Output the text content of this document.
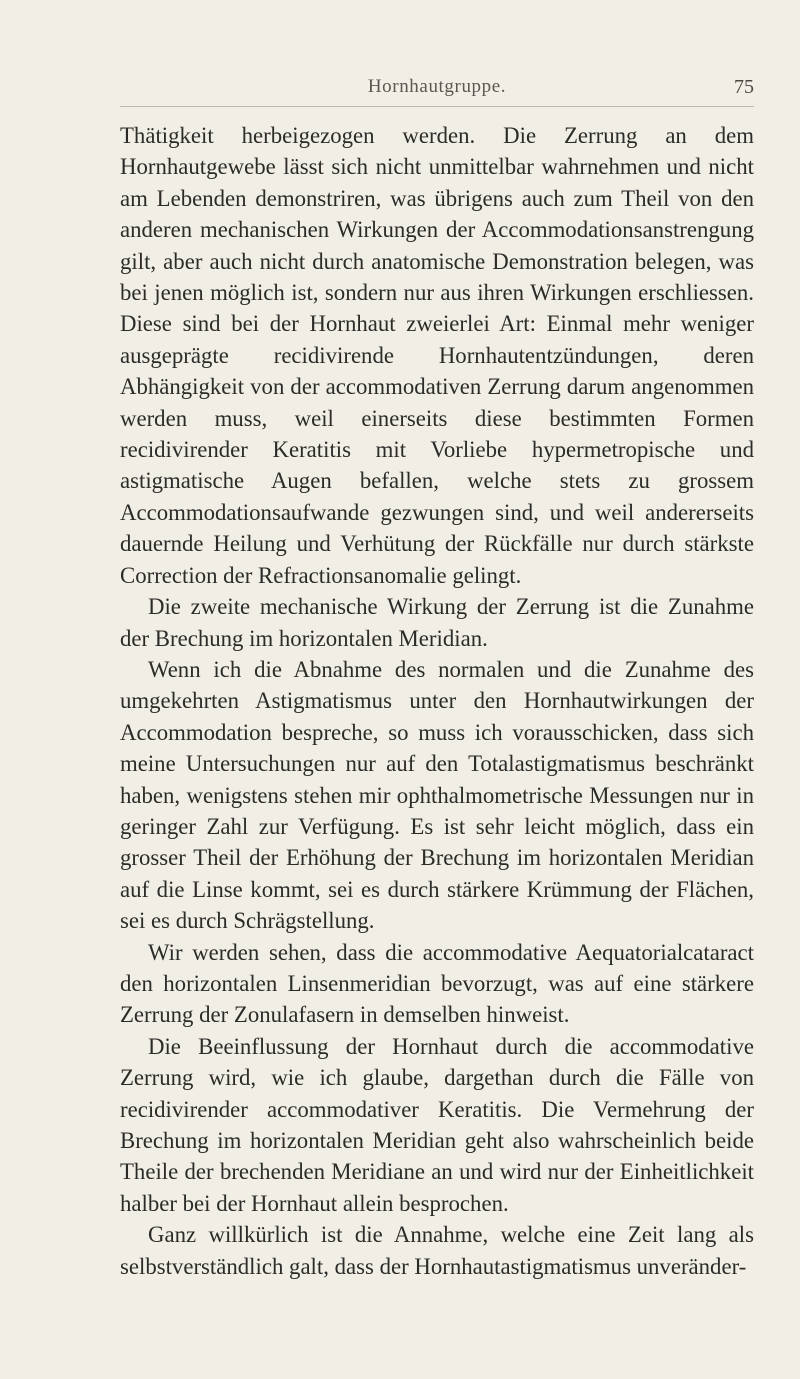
Hornhautgruppe.	75

Thätigkeit herbeigezogen werden. Die Zerrung an dem Hornhautgewebe lässt sich nicht unmittelbar wahrnehmen und nicht am Lebenden demonstriren, was übrigens auch zum Theil von den anderen mechanischen Wirkungen der Accommodationsanstrengung gilt, aber auch nicht durch anatomische Demonstration belegen, was bei jenen möglich ist, sondern nur aus ihren Wirkungen erschliessen. Diese sind bei der Hornhaut zweierlei Art: Einmal mehr weniger ausgeprägte recidivirende Hornhautentzündungen, deren Abhängigkeit von der accommodativen Zerrung darum angenommen werden muss, weil einerseits diese bestimmten Formen recidivirender Keratitis mit Vorliebe hypermetropische und astigmatische Augen befallen, welche stets zu grossem Accommodationsaufwande gezwungen sind, und weil andererseits dauernde Heilung und Verhütung der Rückfälle nur durch stärkste Correction der Refractionsanomalie gelingt.

Die zweite mechanische Wirkung der Zerrung ist die Zunahme der Brechung im horizontalen Meridian.

Wenn ich die Abnahme des normalen und die Zunahme des umgekehrten Astigmatismus unter den Hornhautwirkungen der Accommodation bespreche, so muss ich vorausschicken, dass sich meine Untersuchungen nur auf den Totalastigmatismus beschränkt haben, wenigstens stehen mir ophthalmometrische Messungen nur in geringer Zahl zur Verfügung. Es ist sehr leicht möglich, dass ein grosser Theil der Erhöhung der Brechung im horizontalen Meridian auf die Linse kommt, sei es durch stärkere Krümmung der Flächen, sei es durch Schrägstellung.

Wir werden sehen, dass die accommodative Aequatorialcataract den horizontalen Linsenmeridian bevorzugt, was auf eine stärkere Zerrung der Zonulafasern in demselben hinweist.

Die Beeinflussung der Hornhaut durch die accommodative Zerrung wird, wie ich glaube, dargethan durch die Fälle von recidivirender accommodativer Keratitis. Die Vermehrung der Brechung im horizontalen Meridian geht also wahrscheinlich beide Theile der brechenden Meridiane an und wird nur der Einheitlichkeit halber bei der Hornhaut allein besprochen.

Ganz willkürlich ist die Annahme, welche eine Zeit lang als selbstverständlich galt, dass der Hornhautastigmatismus unveränder-
